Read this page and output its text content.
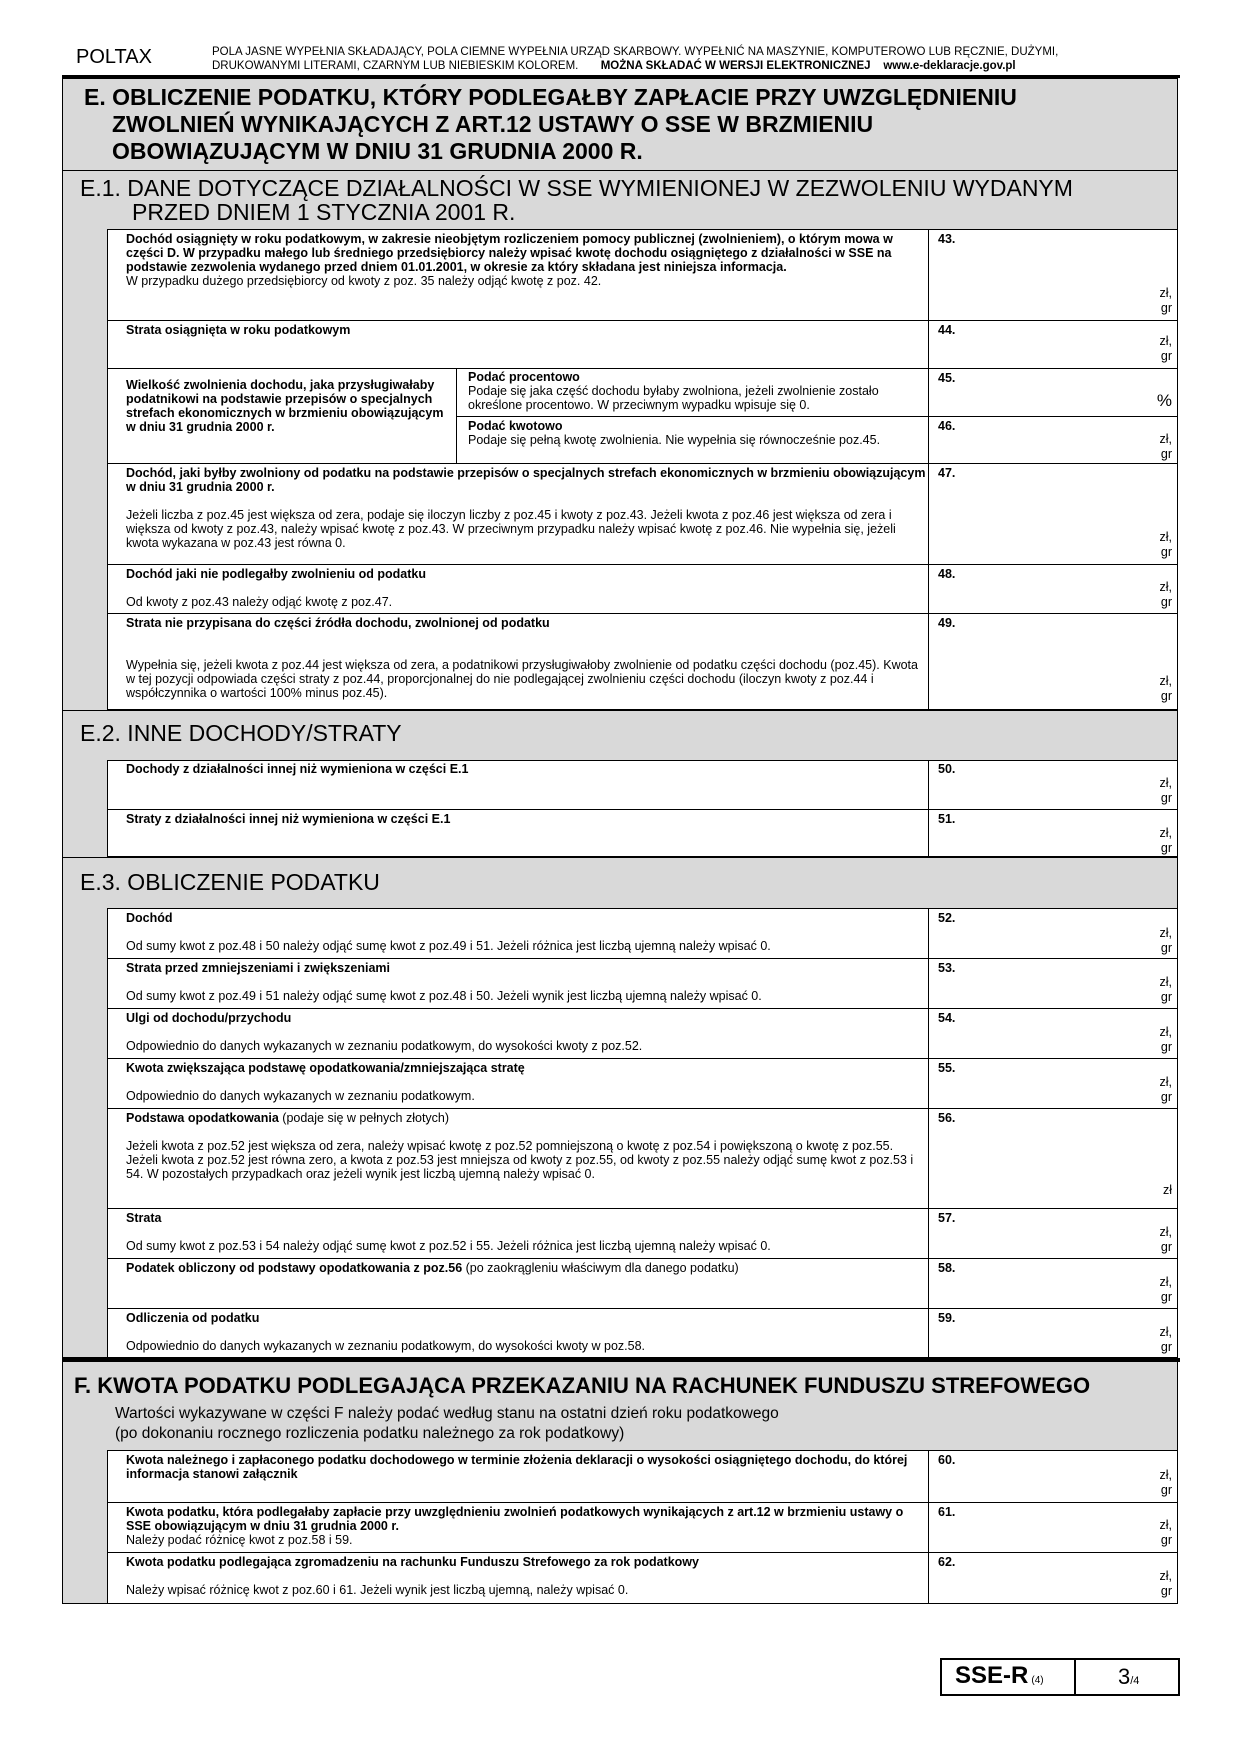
POLTAX	POLA JASNE WYPEŁNIA SKŁADAJĄCY, POLA CIEMNE WYPEŁNIA URZĄD SKARBOWY. WYPEŁNIĆ NA MASZYNIE, KOMPUTEROWO LUB RĘCZNIE, DUŻYMI,
DRUKOWANYMI LITERAMI, CZARNYM LUB NIEBIESKIM KOLOREM. MOŻNA SKŁADAĆ W WERSJI ELEKTRONICZNEJ www.e-deklaracje.gov.pl
E. OBLICZENIE PODATKU, KTÓRY PODLEGAŁBY ZAPŁACIE PRZY UWZGLĘDNIENIU
ZWOLNIEŃ WYNIKAJĄCYCH Z ART.12 USTAWY O SSE W BRZMIENIU
OBOWIĄZUJĄCYM W DNIU 31 GRUDNIA 2000 R.
E.1. DANE DOTYCZĄCE DZIAŁALNOŚCI W SSE WYMIENIONEJ W ZEZWOLENIU WYDANYM
PRZED DNIEM 1 STYCZNIA 2001 R.
Dochód osiągnięty w roku podatkowym, w zakresie nieobjętym rozliczeniem pomocy publicznej (zwolnieniem), o którym mowa w części D. W przypadku małego lub średniego przedsiębiorcy należy wpisać kwotę dochodu osiągniętego z działalności w SSE na podstawie zezwolenia wydanego przed dniem 01.01.2001, w okresie za który składana jest niniejsza informacja.
W przypadku dużego przedsiębiorcy od kwoty z poz. 35 należy odjąć kwotę z poz. 42.
43.
zł,
gr
Strata osiągnięta w roku podatkowym	44.
zł,
gr
Wielkość zwolnienia dochodu, jaka przysługiwałaby podatnikowi na podstawie przepisów o specjalnych strefach ekonomicznych w brzmieniu obowiązującym w dniu 31 grudnia 2000 r.
Podać procentowo
Podaje się jaka część dochodu byłaby zwolniona, jeżeli zwolnienie zostało określone procentowo. W przeciwnym wypadku wpisuje się 0.
45.
%
Podać kwotowo
Podaje się pełną kwotę zwolnienia. Nie wypełnia się równocześnie poz.45.
46.
zł,
gr
Dochód, jaki byłby zwolniony od podatku na podstawie przepisów o specjalnych strefach ekonomicznych w brzmieniu obowiązującym w dniu 31 grudnia 2000 r.

Jeżeli liczba z poz.45 jest większa od zera, podaje się iloczyn liczby z poz.45 i kwoty z poz.43. Jeżeli kwota z poz.46 jest większa od zera i większa od kwoty z poz.43, należy wpisać kwotę z poz.43. W przeciwnym przypadku należy wpisać kwotę z poz.46. Nie wypełnia się, jeżeli kwota wykazana w poz.43 jest równa 0.
47.
zł,
gr
Dochód jaki nie podlegałby zwolnieniu od podatku

Od kwoty z poz.43 należy odjąć kwotę z poz.47.
48.
zł,
gr
Strata nie przypisana do części źródła dochodu, zwolnionej od podatku

Wypełnia się, jeżeli kwota z poz.44 jest większa od zera, a podatnikowi przysługiwałoby zwolnienie od podatku części dochodu (poz.45). Kwota w tej pozycji odpowiada części straty z poz.44, proporcjonalnej do nie podlegającej zwolnieniu części dochodu (iloczyn kwoty z poz.44 i współczynnika o wartości 100% minus poz.45).
49.
zł,
gr
E.2. INNE DOCHODY/STRATY
Dochody z działalności innej niż wymieniona w części E.1	50.
zł,
gr
Straty z działalności innej niż wymieniona w części E.1	51.
zł,
gr
E.3. OBLICZENIE PODATKU
Dochód

Od sumy kwot z poz.48 i 50 należy odjąć sumę kwot z poz.49 i 51. Jeżeli różnica jest liczbą ujemną należy wpisać 0.
52.
zł,
gr
Strata przed zmniejszeniami i zwiększeniami

Od sumy kwot z poz.49 i 51 należy odjąć sumę kwot z poz.48 i 50. Jeżeli wynik jest liczbą ujemną należy wpisać 0.
53.
zł,
gr
Ulgi od dochodu/przychodu

Odpowiednio do danych wykazanych w zeznaniu podatkowym, do wysokości kwoty z poz.52.
54.
zł,
gr
Kwota zwiększająca podstawę opodatkowania/zmniejszająca stratę

Odpowiednio do danych wykazanych w zeznaniu podatkowym.
55.
zł,
gr
Podstawa opodatkowania (podaje się w pełnych złotych)

Jeżeli kwota z poz.52 jest większa od zera, należy wpisać kwotę z poz.52 pomniejszoną o kwotę z poz.54 i powiększoną o kwotę z poz.55. Jeżeli kwota z poz.52 jest równa zero, a kwota z poz.53 jest mniejsza od kwoty z poz.55, od kwoty z poz.55 należy odjąć sumę kwot z poz.53 i 54. W pozostałych przypadkach oraz jeżeli wynik jest liczbą ujemną należy wpisać 0.
56.
zł
Strata

Od sumy kwot z poz.53 i 54 należy odjąć sumę kwot z poz.52 i 55. Jeżeli różnica jest liczbą ujemną należy wpisać 0.
57.
zł,
gr
Podatek obliczony od podstawy opodatkowania z poz.56 (po zaokrągleniu właściwym dla danego podatku)	58.
zł,
gr
Odliczenia od podatku

Odpowiednio do danych wykazanych w zeznaniu podatkowym, do wysokości kwoty w poz.58.
59.
zł,
gr
F. KWOTA PODATKU PODLEGAJĄCA PRZEKAZANIU NA RACHUNEK FUNDUSZU STREFOWEGO
Wartości wykazywane w części F należy podać według stanu na ostatni dzień roku podatkowego
(po dokonaniu rocznego rozliczenia podatku należnego za rok podatkowy)
Kwota należnego i zapłaconego podatku dochodowego w terminie złożenia deklaracji o wysokości osiągniętego dochodu, do której informacja stanowi załącznik
60.
zł,
gr
Kwota podatku, która podlegałaby zapłacie przy uwzględnieniu zwolnień podatkowych wynikających z art.12 w brzmieniu ustawy o SSE obowiązującym w dniu 31 grudnia 2000 r.
Należy podać różnicę kwot z poz.58 i 59.
61.
zł,
gr
Kwota podatku podlegająca zgromadzeniu na rachunku Funduszu Strefowego za rok podatkowy

Należy wpisać różnicę kwot z poz.60 i 61. Jeżeli wynik jest liczbą ujemną, należy wpisać 0.
62.
zł,
gr
SSE-R (4)	3/4
